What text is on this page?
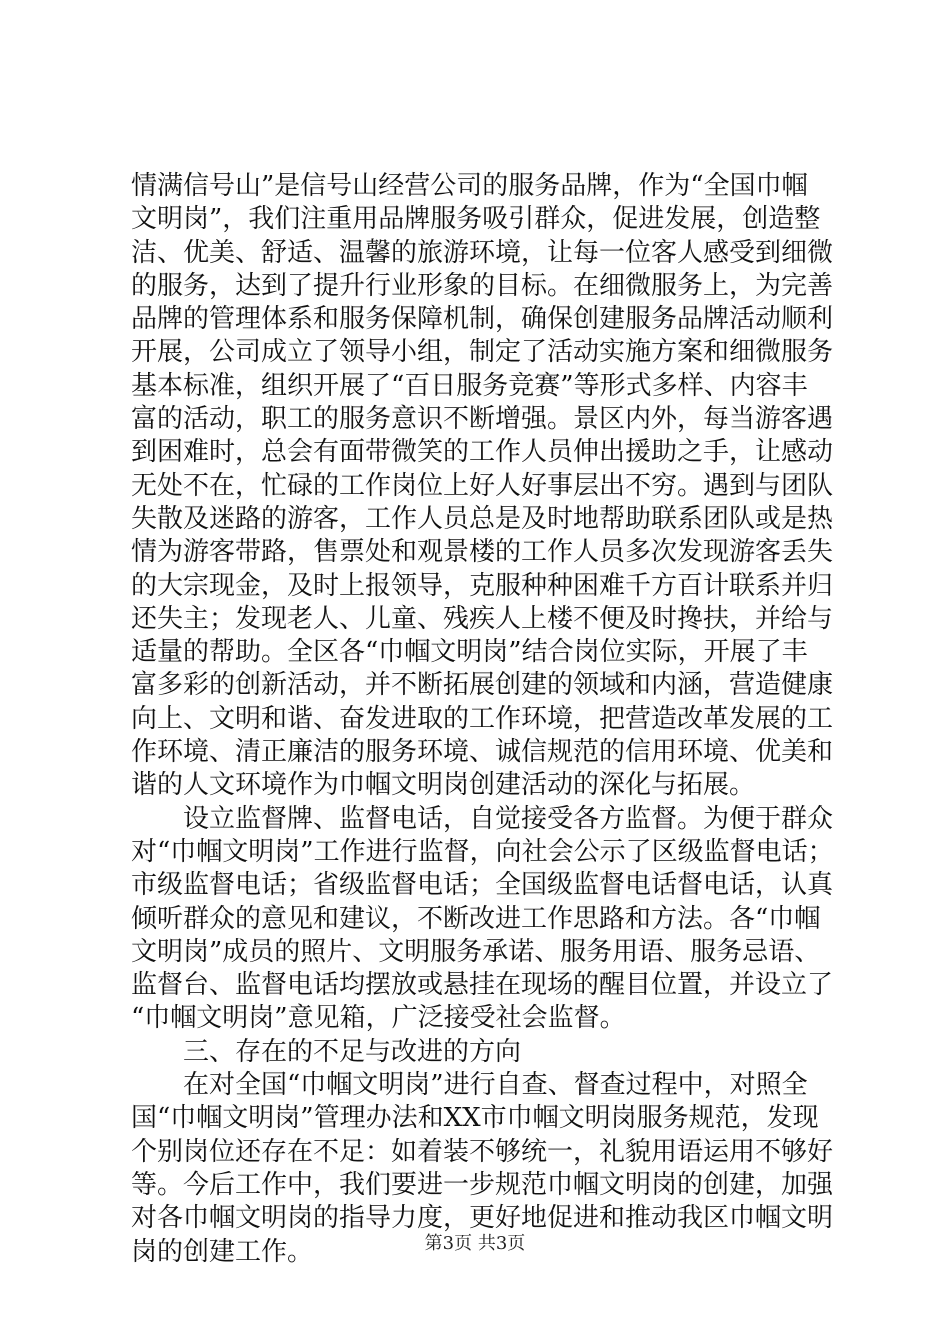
情满信号山”是信号山经营公司的服务品牌，作为“全国巾帼
文明岗”，我们注重用品牌服务吸引群众，促进发展，创造整
洁、优美、舒适、温馨的旅游环境，让每一位客人感受到细微
的服务，达到了提升行业形象的目标。在细微服务上，为完善
品牌的管理体系和服务保障机制，确保创建服务品牌活动顺利
开展，公司成立了领导小组，制定了活动实施方案和细微服务
基本标准，组织开展了“百日服务竞赛”等形式多样、内容丰
富的活动，职工的服务意识不断增强。景区内外，每当游客遇
到困难时，总会有面带微笑的工作人员伸出援助之手，让感动
无处不在，忙碌的工作岗位上好人好事层出不穷。遇到与团队
失散及迷路的游客，工作人员总是及时地帮助联系团队或是热
情为游客带路，售票处和观景楼的工作人员多次发现游客丢失
的大宗现金，及时上报领导，克服种种困难千方百计联系并归
还失主；发现老人、儿童、残疾人上楼不便及时搀扶，并给与
适量的帮助。全区各“巾帼文明岗”结合岗位实际，开展了丰
富多彩的创新活动，并不断拓展创建的领域和内涵，营造健康
向上、文明和谐、奋发进取的工作环境，把营造改革发展的工
作环境、清正廉洁的服务环境、诚信规范的信用环境、优美和
谐的人文环境作为巾帼文明岗创建活动的深化与拓展。
设立监督牌、监督电话，自觉接受各方监督。为便于群众
对“巾帼文明岗”工作进行监督，向社会公示了区级监督电话；
市级监督电话；省级监督电话；全国级监督电话督电话，认真
倾听群众的意见和建议，不断改进工作思路和方法。各“巾帼
文明岗”成员的照片、文明服务承诺、服务用语、服务忌语、
监督台、监督电话均摆放或悬挂在现场的醒目位置，并设立了
“巾帼文明岗”意见箱，广泛接受社会监督。
三、存在的不足与改进的方向
在对全国“巾帼文明岗”进行自查、督查过程中，对照全
国“巾帼文明岗”管理办法和XX市巾帼文明岗服务规范，发现
个别岗位还存在不足：如着装不够统一，礼貌用语运用不够好
等。今后工作中，我们要进一步规范巾帼文明岗的创建，加强
对各巾帼文明岗的指导力度，更好地促进和推动我区巾帼文明
岗的创建工作。	第3页 共3页
